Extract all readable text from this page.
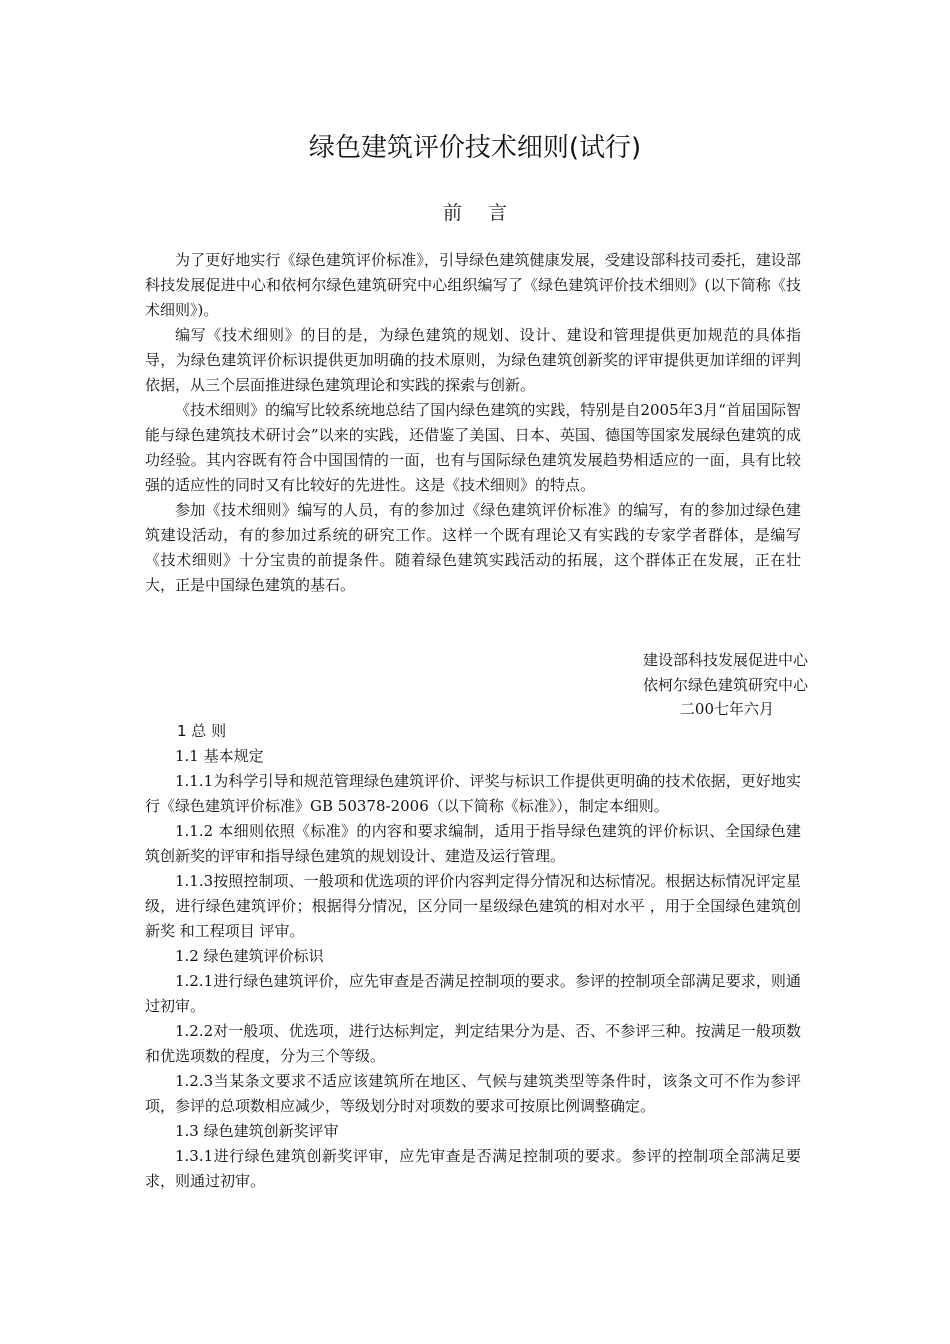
绿色建筑评价技术细则(试行)
前言

为了更好地实行《绿色建筑评价标准》，引导绿色建筑健康发展，受建设部科技司委托，建设部科技发展促进中心和依柯尔绿色建筑研究中心组织编写了《绿色建筑评价技术细则》(以下简称《技术细则》)。

编写《技术细则》的目的是，为绿色建筑的规划、设计、建设和管理提供更加规范的具体指导，为绿色建筑评价标识提供更加明确的技术原则，为绿色建筑创新奖的评审提供更加详细的评判依据，从三个层面推进绿色建筑理论和实践的探索与创新。

《技术细则》的编写比较系统地总结了国内绿色建筑的实践，特别是自2005年3月“首届国际智能与绿色建筑技术研讨会”以来的实践，还借鉴了美国、日本、英国、德国等国家发展绿色建筑的成功经验。其内容既有符合中国国情的一面，也有与国际绿色建筑发展趋势相适应的一面，具有比较强的适应性的同时又有比较好的先进性。这是《技术细则》的特点。

参加《技术细则》编写的人员，有的参加过《绿色建筑评价标准》的编写，有的参加过绿色建筑建设活动，有的参加过系统的研究工作。这样一个既有理论又有实践的专家学者群体，是编写《技术细则》十分宝贵的前提条件。随着绿色建筑实践活动的拓展，这个群体正在发展，正在壮大，正是中国绿色建筑的基石。

建设部科技发展促进中心
依柯尔绿色建筑研究中心
二00七年六月
1 总 则

1.1 基本规定

1.1.1为科学引导和规范管理绿色建筑评价、评奖与标识工作提供更明确的技术依据，更好地实行《绿色建筑评价标准》GB 50378-2006（以下简称《标准》），制定本细则。

1.1.2 本细则依照《标准》的内容和要求编制，适用于指导绿色建筑的评价标识、全国绿色建筑创新奖的评审和指导绿色建筑的规划设计、建造及运行管理。

1.1.3按照控制项、一般项和优选项的评价内容判定得分情况和达标情况。根据达标情况评定星级，进行绿色建筑评价；根据得分情况，区分同一星级绿色建筑的相对水平 ，用于全国绿色建筑创新奖 和工程项目 评审。

1.2 绿色建筑评价标识

1.2.1进行绿色建筑评价，应先审查是否满足控制项的要求。参评的控制项全部满足要求，则通过初审。

1.2.2对一般项、优选项，进行达标判定，判定结果分为是、否、不参评三种。按满足一般项数和优选项数的程度，分为三个等级。

1.2.3当某条文要求不适应该建筑所在地区、气候与建筑类型等条件时，该条文可不作为参评项，参评的总项数相应减少，等级划分时对项数的要求可按原比例调整确定。

1.3 绿色建筑创新奖评审

1.3.1进行绿色建筑创新奖评审，应先审查是否满足控制项的要求。参评的控制项全部满足要求，则通过初审。
